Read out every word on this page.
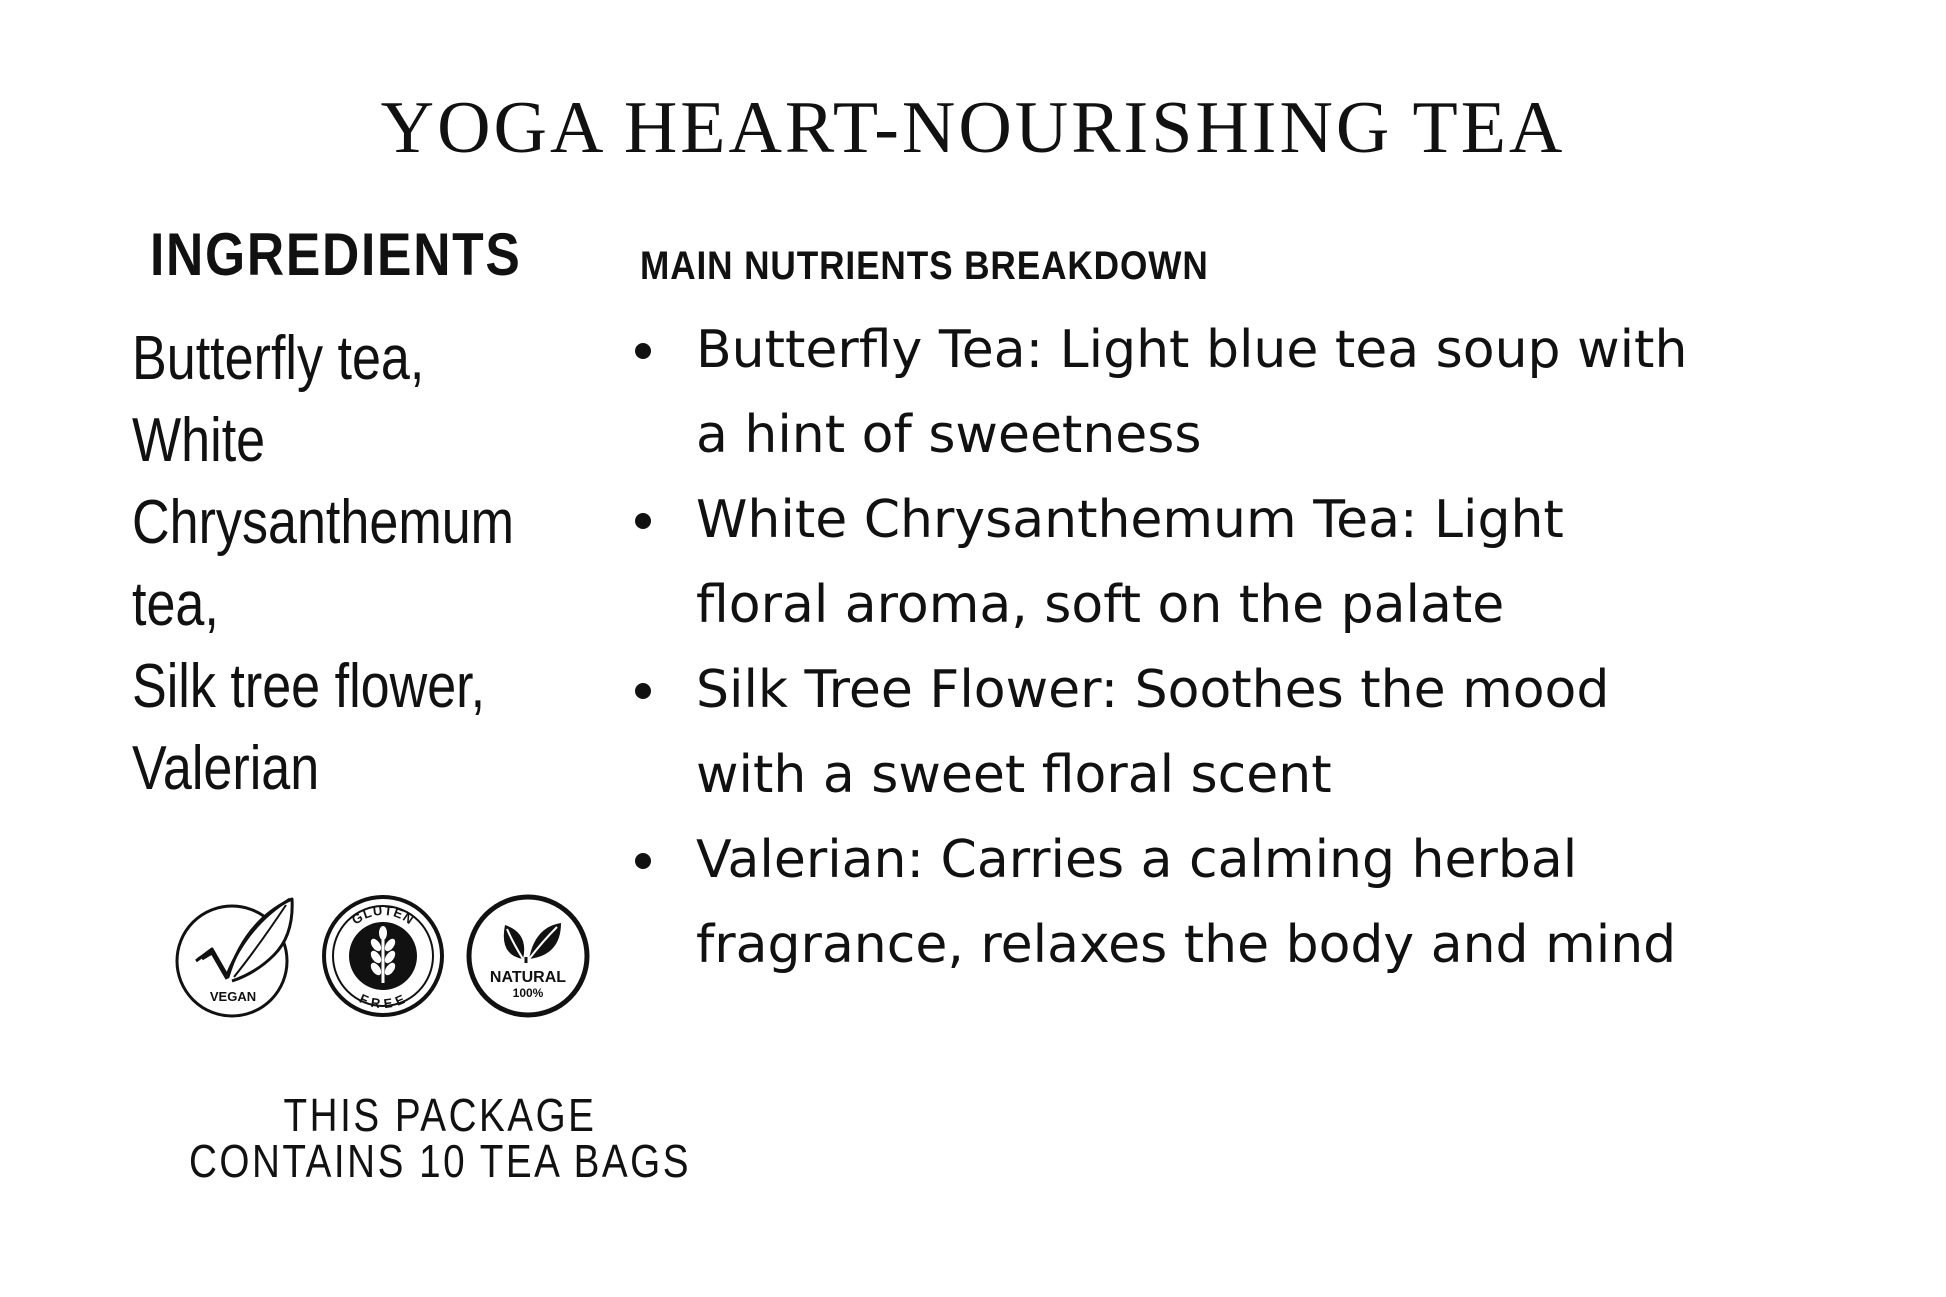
YOGA HEART-NOURISHING TEA
INGREDIENTS
Butterfly tea,
White
Chrysanthemum
tea,
Silk tree flower,
Valerian
MAIN NUTRIENTS BREAKDOWN
Butterfly Tea: Light blue tea soup with
a hint of sweetness
White Chrysanthemum Tea: Light
floral aroma, soft on the palate
Silk Tree Flower: Soothes the mood
with a sweet floral scent
Valerian: Carries a calming herbal
fragrance, relaxes the body and mind
VEGAN
GLUTEN
FREE
NATURAL
100%
THIS PACKAGE
CONTAINS 10 TEA BAGS
